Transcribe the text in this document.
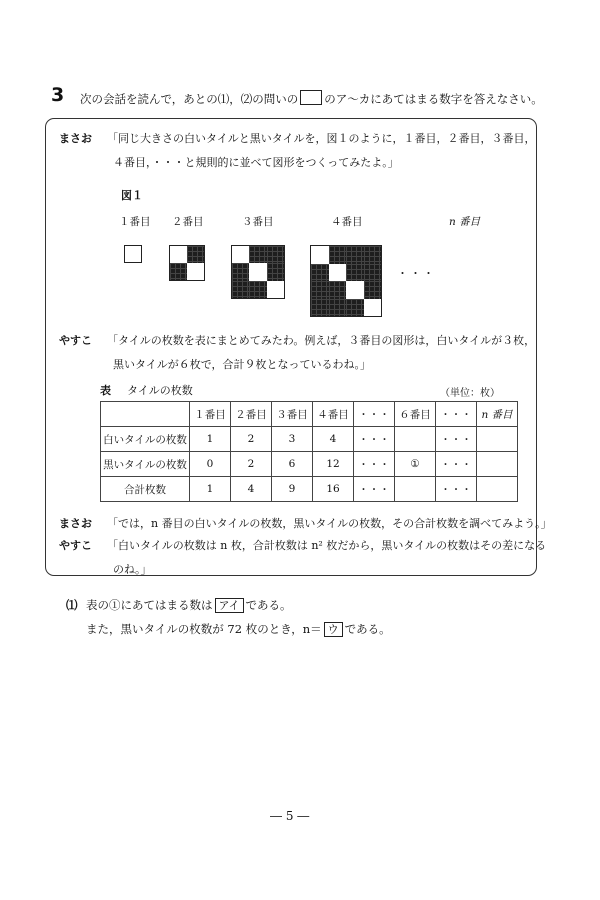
3 次の会話を読んで，あとの⑴，⑵の問いの のア～カにあてはまる数字を答えなさい。
まさお 「同じ大きさの白いタイルと黒いタイルを，図１のように，１番目，２番目，３番目，
４番目，・・・と規則的に並べて図形をつくってみたよ。」
図１
１番目 ２番目	３番目	４番目	n 番目
・・・
やすこ 「タイルの枚数を表にまとめてみたわ。例えば，３番目の図形は，白いタイルが３枚，
黒いタイルが６枚で，合計９枚となっているわね。」
表 タイルの枚数	（単位：枚）
	１番目	２番目	３番目	４番目	・・・	６番目	・・・	n 番目
白いタイルの枚数	1	2	3	4	・・・		・・・	
黒いタイルの枚数	0	2	6	12	・・・	①	・・・	
合計枚数	1	4	9	16	・・・		・・・	
まさお 「では，n 番目の白いタイルの枚数，黒いタイルの枚数，その合計枚数を調べてみよう。」
やすこ 「白いタイルの枚数は n 枚，合計枚数は n² 枚だから，黒いタイルの枚数はその差になる
のね。」
⑴ 表の①にあてはまる数は アイ である。
また，黒いタイルの枚数が 72 枚のとき，n＝ ウ である。
― 5 ―
